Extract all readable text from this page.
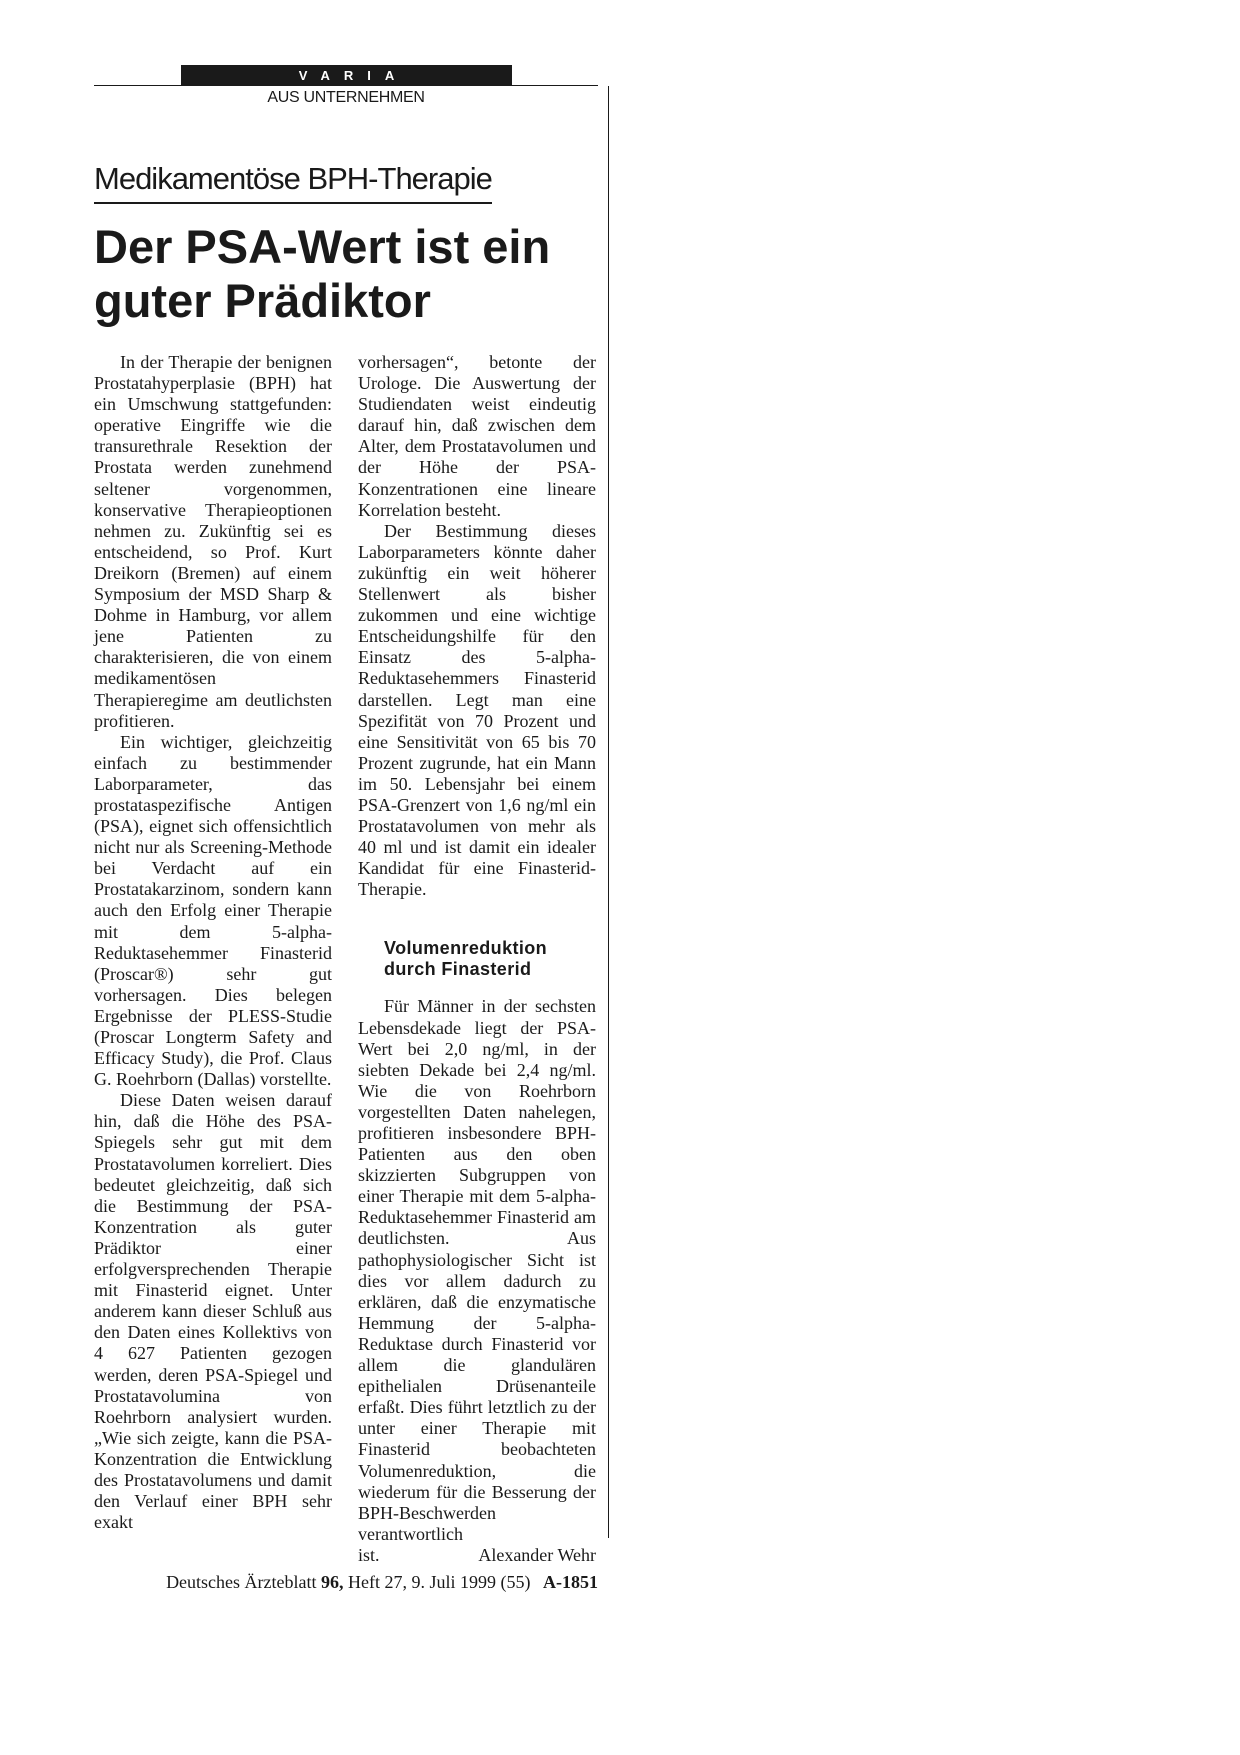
VARIA
AUS UNTERNEHMEN
Medikamentöse BPH-Therapie
Der PSA-Wert ist ein guter Prädiktor

In der Therapie der benignen Prostatahyperplasie (BPH) hat ein Umschwung stattgefunden: operative Eingriffe wie die transurethrale Resektion der Prostata werden zunehmend seltener vorgenommen, konservative Therapieoptionen nehmen zu. Zukünftig sei es entscheidend, so Prof. Kurt Dreikorn (Bremen) auf einem Symposium der MSD Sharp & Dohme in Hamburg, vor allem jene Patienten zu charakterisieren, die von einem medikamentösen Therapieregime am deutlichsten profitieren.

Ein wichtiger, gleichzeitig einfach zu bestimmender Laborparameter, das prostataspezifische Antigen (PSA), eignet sich offensichtlich nicht nur als Screening-Methode bei Verdacht auf ein Prostatakarzinom, sondern kann auch den Erfolg einer Therapie mit dem 5-alpha-Reduktasehemmer Finasterid (Proscar®) sehr gut vorhersagen. Dies belegen Ergebnisse der PLESS-Studie (Proscar Longterm Safety and Efficacy Study), die Prof. Claus G. Roehrborn (Dallas) vorstellte.

Diese Daten weisen darauf hin, daß die Höhe des PSA-Spiegels sehr gut mit dem Prostatavolumen korreliert. Dies bedeutet gleichzeitig, daß sich die Bestimmung der PSA-Konzentration als guter Prädiktor einer erfolgversprechenden Therapie mit Finasterid eignet. Unter anderem kann dieser Schluß aus den Daten eines Kollektivs von 4 627 Patienten gezogen werden, deren PSA-Spiegel und Prostatavolumina von Roehrborn analysiert wurden. „Wie sich zeigte, kann die PSA-Konzentration die Entwicklung des Prostatavolumens und damit den Verlauf einer BPH sehr exakt

vorhersagen“, betonte der Urologe. Die Auswertung der Studiendaten weist eindeutig darauf hin, daß zwischen dem Alter, dem Prostatavolumen und der Höhe der PSA-Konzentrationen eine lineare Korrelation besteht.

Der Bestimmung dieses Laborparameters könnte daher zukünftig ein weit höherer Stellenwert als bisher zukommen und eine wichtige Entscheidungshilfe für den Einsatz des 5-alpha-Reduktasehemmers Finasterid darstellen. Legt man eine Spezifität von 70 Prozent und eine Sensitivität von 65 bis 70 Prozent zugrunde, hat ein Mann im 50. Lebensjahr bei einem PSA-Grenzert von 1,6 ng/ml ein Prostatavolumen von mehr als 40 ml und ist damit ein idealer Kandidat für eine Finasterid-Therapie.

Volumenreduktion durch Finasterid

Für Männer in der sechsten Lebensdekade liegt der PSA-Wert bei 2,0 ng/ml, in der siebten Dekade bei 2,4 ng/ml. Wie die von Roehrborn vorgestellten Daten nahelegen, profitieren insbesondere BPH-Patienten aus den oben skizzierten Subgruppen von einer Therapie mit dem 5-alpha-Reduktasehemmer Finasterid am deutlichsten. Aus pathophysiologischer Sicht ist dies vor allem dadurch zu erklären, daß die enzymatische Hemmung der 5-alpha-Reduktase durch Finasterid vor allem die glandulären epithelialen Drüsenanteile erfaßt. Dies führt letztlich zu der unter einer Therapie mit Finasterid beobachteten Volumenreduktion, die wiederum für die Besserung der BPH-Beschwerden verantwortlich

ist.	Alexander Wehr
Deutsches Ärzteblatt 96, Heft 27, 9. Juli 1999 (55) A-1851
